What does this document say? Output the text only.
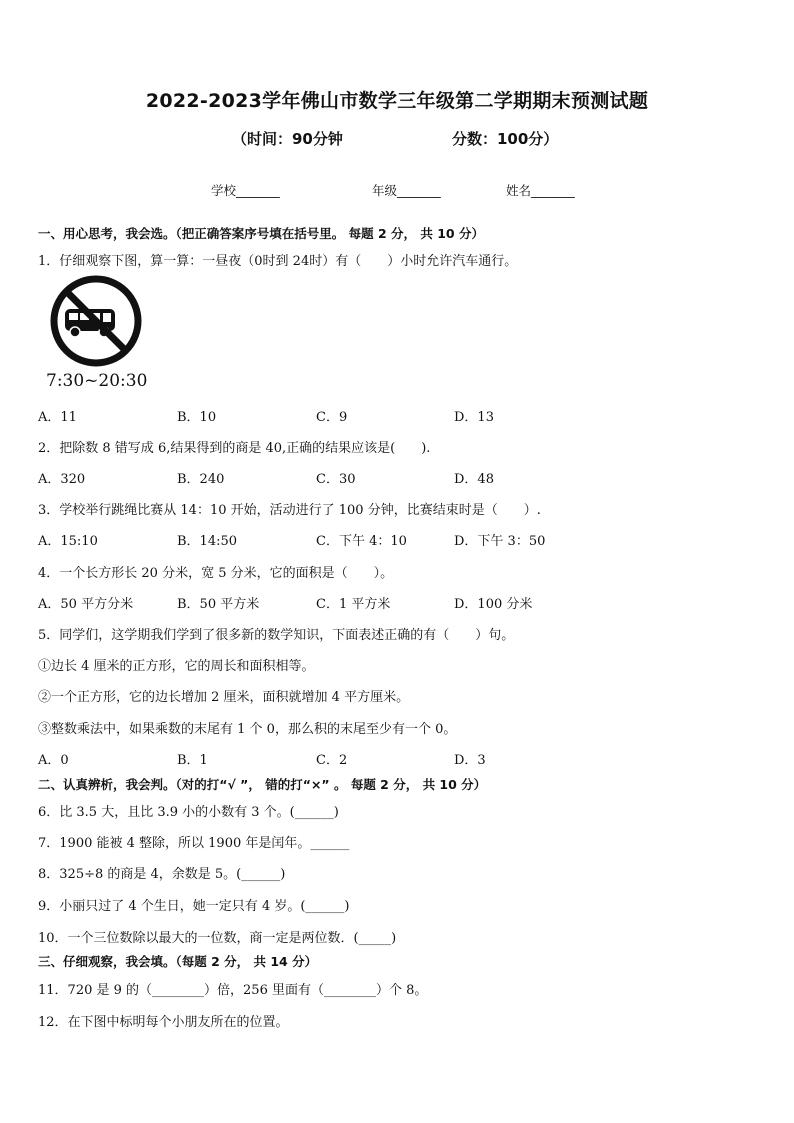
2022-2023学年佛山市数学三年级第二学期期末预测试题
（时间：90分钟	分数：100分）
学校_______	年级_______	姓名_______
一、用心思考，我会选。（把正确答案序号填在括号里。 每题 2 分， 共 10 分）
1．仔细观察下图，算一算：一昼夜（0时到 24时）有（　　）小时允许汽车通行。
7:30~20:30
A．11	B．10	C．9	D．13
2．把除数 8 错写成 6,结果得到的商是 40,正确的结果应该是(　　).
A．320	B．240	C．30	D．48
3．学校举行跳绳比赛从 14：10 开始，活动进行了 100 分钟，比赛结束时是（　　）.
A．15:10	B．14:50	C．下午 4：10	D．下午 3：50
4．一个长方形长 20 分米，宽 5 分米，它的面积是（　　）。
A．50 平方分米	B．50 平方米	C．1 平方米	D．100 分米
5．同学们，这学期我们学到了很多新的数学知识，下面表述正确的有（　　）句。
①边长 4 厘米的正方形，它的周长和面积相等。
②一个正方形，它的边长增加 2 厘米，面积就增加 4 平方厘米。
③整数乘法中，如果乘数的末尾有 1 个 0，那么积的末尾至少有一个 0。
A．0	B．1	C．2	D．3
二、认真辨析，我会判。（对的打“√ ”， 错的打“×” 。 每题 2 分， 共 10 分）
6．比 3.5 大，且比 3.9 小的小数有 3 个。(______)
7．1900 能被 4 整除，所以 1900 年是闰年。______
8．325÷8 的商是 4，余数是 5。(______)
9．小丽只过了 4 个生日，她一定只有 4 岁。(______)
10．一个三位数除以最大的一位数，商一定是两位数．(_____)
三、仔细观察，我会填。（每题 2 分， 共 14 分）
11．720 是 9 的（________）倍，256 里面有（________）个 8。
12．在下图中标明每个小朋友所在的位置。
